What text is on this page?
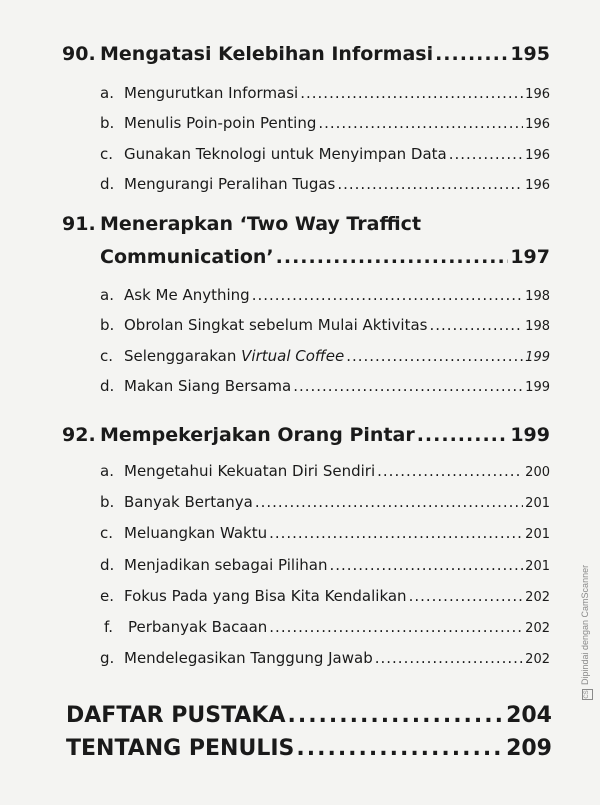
90. Mengatasi Kelebihan Informasi .....	195
a. Mengurutkan Informasi .....	196
b. Menulis Poin-poin Penting .....	196
c. Gunakan Teknologi untuk Menyimpan Data .....	196
d. Mengurangi Peralihan Tugas .....	196
91. Menerapkan ‘Two Way Traffict
Communication’ .....	197
a. Ask Me Anything .....	198
b. Obrolan Singkat sebelum Mulai Aktivitas .....	198
c. Selenggarakan Virtual Coffee .....	199
d. Makan Siang Bersama .....	199
92. Mempekerjakan Orang Pintar .....	199
a. Mengetahui Kekuatan Diri Sendiri .....	200
b. Banyak Bertanya .....	201
c. Meluangkan Waktu .....	201
d. Menjadikan sebagai Pilihan .....	201
e. Fokus Pada yang Bisa Kita Kendalikan .....	202
f. Perbanyak Bacaan .....	202
g. Mendelegasikan Tanggung Jawab .....	202
DAFTAR PUSTAKA .....	204
TENTANG PENULIS .....	209
CSDipindai dengan CamScanner
